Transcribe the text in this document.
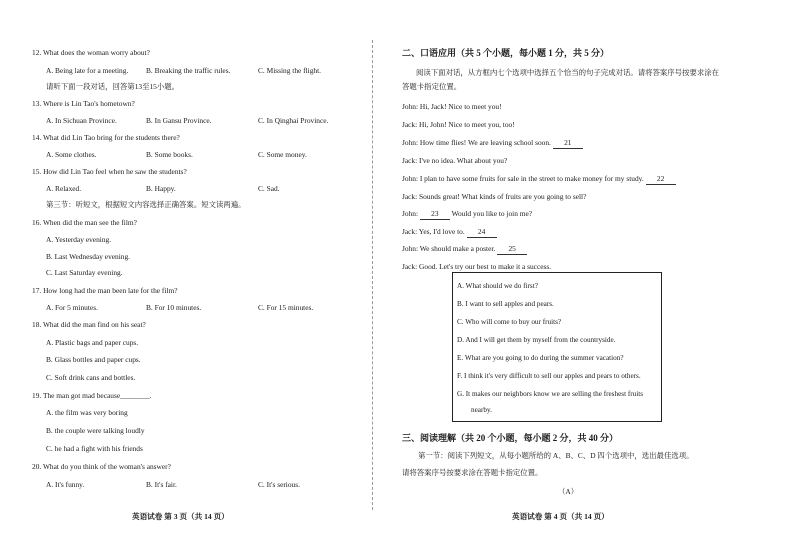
12. What does the woman worry about?
A. Being late for a meeting. B. Breaking the traffic rules.	C. Missing the flight.
请听下面一段对话，回答第13至15小题。
13. Where is Lin Tao's hometown?
A. In Sichuan Province.	B. In Gansu Province.	C. In Qinghai Province.
14. What did Lin Tao bring for the students there?
A. Some clothes.	B. Some books.	C. Some money.
15. How did Lin Tao feel when he saw the students?
A. Relaxed.	B. Happy.	C. Sad.
第三节：听短文，根据短文内容选择正确答案。短文读两遍。
16. When did the man see the film?
A. Yesterday evening.
B. Last Wednesday evening.
C. Last Saturday evening.
17. How long had the man been late for the film?
A. For 5 minutes.	B. For 10 minutes.	C. For 15 minutes.
18. What did the man find on his seat?
A. Plastic bags and paper cups.
B. Glass bottles and paper cups.
C. Soft drink cans and bottles.
19. The man got mad because________.
A. the film was very boring
B. the couple were talking loudly
C. he had a fight with his friends
20. What do you think of the woman's answer?
A. It's funny.	B. It's fair.	C. It's serious.
英语试卷 第 3 页（共 14 页）
二、口语应用（共 5 个小题，每小题 1 分，共 5 分）
阅读下面对话，从方框内七个选项中选择五个恰当的句子完成对话。请将答案序号按要求涂在答题卡指定位置。
John: Hi, Jack! Nice to meet you!
Jack: Hi, John! Nice to meet you, too!
John: How time flies! We are leaving school soon. 21
Jack: I've no idea. What about you?
John: I plan to have some fruits for sale in the street to make money for my study. 22
Jack: Sounds great! What kinds of fruits are you going to sell?
John: 23 Would you like to join me?
Jack: Yes, I'd love to. 24
John: We should make a poster. 25
Jack: Good. Let's try our best to make it a success.
A. What should we do first?
B. I want to sell apples and pears.
C. Who will come to buy our fruits?
D. And I will get them by myself from the countryside.
E. What are you going to do during the summer vacation?
F. I think it's very difficult to sell our apples and pears to others.
G. It makes our neighbors know we are selling the freshest fruits
nearby.
三、阅读理解（共 20 个小题，每小题 2 分，共 40 分）
第一节：阅读下列短文，从每小题所给的 A、B、C、D 四个选项中，选出最佳选项。
请将答案序号按要求涂在答题卡指定位置。
（A）
英语试卷 第 4 页（共 14 页）
